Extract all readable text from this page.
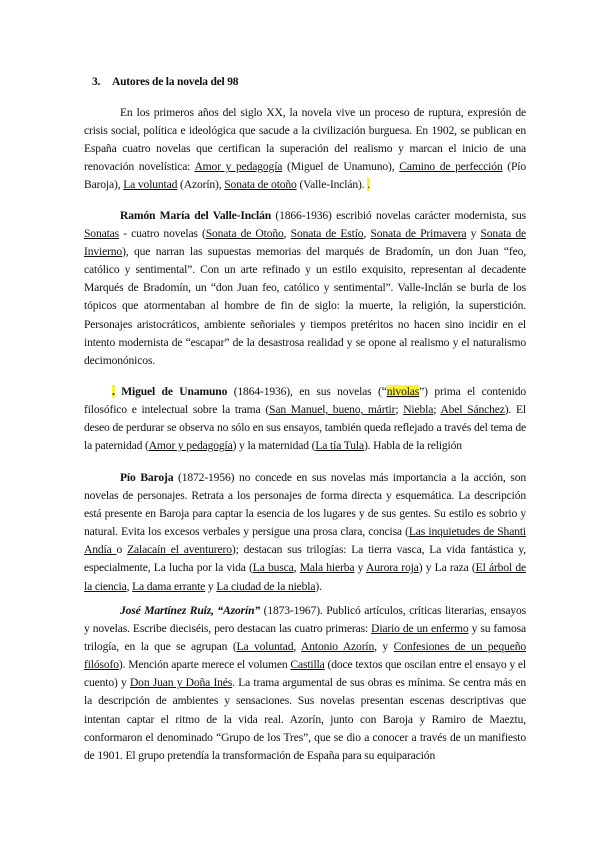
3. Autores de la novela del 98

En los primeros años del siglo XX, la novela vive un proceso de ruptura, expresión de crisis social, política e ideológica que sacude a la civilización burguesa. En 1902, se publican en España cuatro novelas que certifican la superación del realismo y marcan el inicio de una renovación novelística: Amor y pedagogía (Miguel de Unamuno), Camino de perfección (Pío Baroja), La voluntad (Azorín), Sonata de otoño (Valle-Inclán). .

Ramón María del Valle-Inclán (1866-1936) escribió novelas carácter modernista, sus Sonatas - cuatro novelas (Sonata de Otoño, Sonata de Estío, Sonata de Primavera y Sonata de Invierno), que narran las supuestas memorias del marqués de Bradomín, un don Juan “feo, católico y sentimental”. Con un arte refinado y un estilo exquisito, representan al decadente Marqués de Bradomín, un “don Juan feo, católico y sentimental”. Valle-Inclán se burla de los tópicos que atormentaban al hombre de fin de siglo: la muerte, la religión, la superstición. Personajes aristocráticos, ambiente señoriales y tiempos pretéritos no hacen sino incidir en el intento modernista de “escapar” de la desastrosa realidad y se opone al realismo y el naturalismo decimonónicos.

. Miguel de Unamuno (1864-1936), en sus novelas (“nivolas”) prima el contenido filosófico e intelectual sobre la trama (San Manuel, bueno, mártir; Niebla; Abel Sánchez). El deseo de perdurar se observa no sólo en sus ensayos, también queda reflejado a través del tema de la paternidad (Amor y pedagogía) y la maternidad (La tía Tula). Habla de la religión

Pío Baroja (1872-1956) no concede en sus novelas más importancia a la acción, son novelas de personajes. Retrata a los personajes de forma directa y esquemática. La descripción está presente en Baroja para captar la esencia de los lugares y de sus gentes. Su estilo es sobrio y natural. Evita los excesos verbales y persigue una prosa clara, concisa (Las inquietudes de Shanti Andía o Zalacaín el aventurero); destacan sus trilogías: La tierra vasca, La vida fantástica y, especialmente, La lucha por la vida (La busca, Mala hierba y Aurora roja) y La raza (El árbol de la ciencia, La dama errante y La ciudad de la niebla).

José Martínez Ruiz, “Azorín” (1873-1967). Publicó artículos, críticas literarias, ensayos y novelas. Escribe dieciséis, pero destacan las cuatro primeras: Diario de un enfermo y su famosa trilogía, en la que se agrupan (La voluntad, Antonio Azorín, y Confesiones de un pequeño filósofo). Mención aparte merece el volumen Castilla (doce textos que oscilan entre el ensayo y el cuento) y Don Juan y Doña Inés. La trama argumental de sus obras es mínima. Se centra más en la descripción de ambientes y sensaciones. Sus novelas presentan escenas descriptivas que intentan captar el ritmo de la vida real. Azorín, junto con Baroja y Ramiro de Maeztu, conformaron el denominado “Grupo de los Tres”, que se dio a conocer a través de un manifiesto de 1901. El grupo pretendía la transformación de España para su equiparación
